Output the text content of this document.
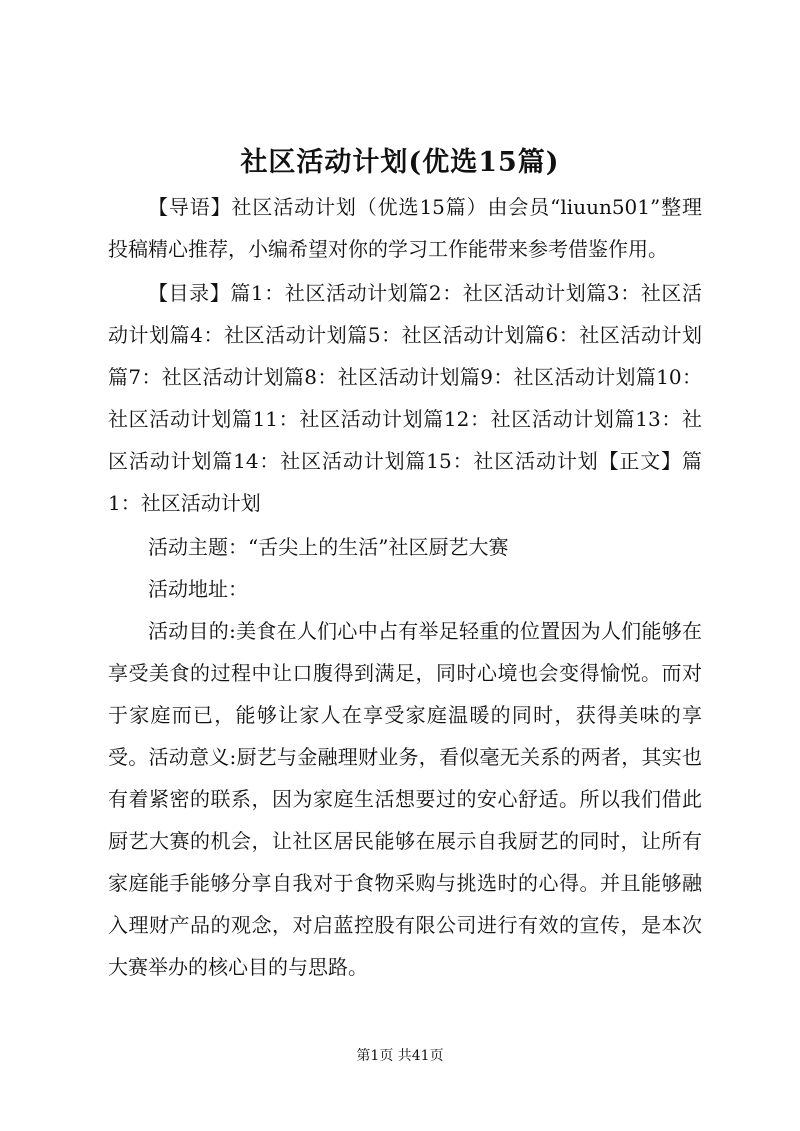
社区活动计划(优选15篇)

【导语】社区活动计划（优选15篇）由会员“liuun501”整理投稿精心推荐，小编希望对你的学习工作能带来参考借鉴作用。

【目录】篇1：社区活动计划篇2：社区活动计划篇3：社区活动计划篇4：社区活动计划篇5：社区活动计划篇6：社区活动计划篇7：社区活动计划篇8：社区活动计划篇9：社区活动计划篇10：社区活动计划篇11：社区活动计划篇12：社区活动计划篇13：社区活动计划篇14：社区活动计划篇15：社区活动计划【正文】篇1：社区活动计划

活动主题：“舌尖上的生活”社区厨艺大赛

活动地址：

活动目的:美食在人们心中占有举足轻重的位置因为人们能够在享受美食的过程中让口腹得到满足，同时心境也会变得愉悦。而对于家庭而已，能够让家人在享受家庭温暖的同时，获得美味的享受。活动意义:厨艺与金融理财业务，看似毫无关系的两者，其实也有着紧密的联系，因为家庭生活想要过的安心舒适。所以我们借此厨艺大赛的机会，让社区居民能够在展示自我厨艺的同时，让所有家庭能手能够分享自我对于食物采购与挑选时的心得。并且能够融入理财产品的观念，对启蓝控股有限公司进行有效的宣传，是本次大赛举办的核心目的与思路。

第1页 共41页
